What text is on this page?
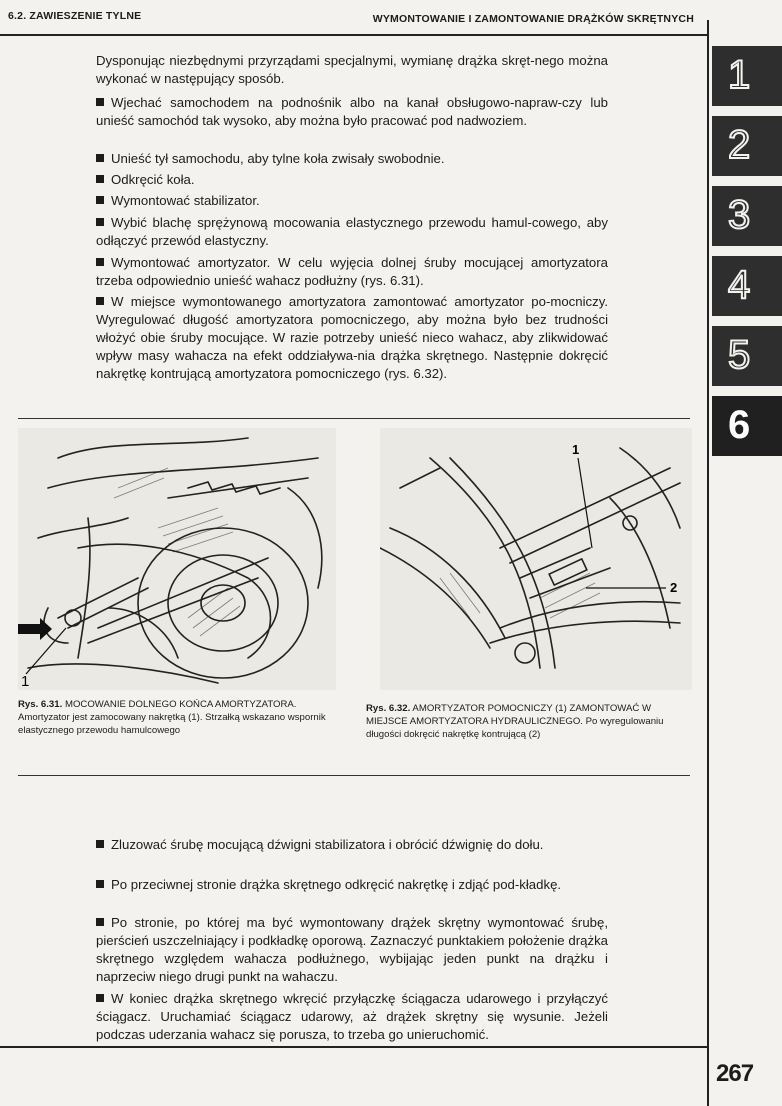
6.2. ZAWIESZENIE TYLNE	WYMONTOWANIE I ZAMONTOWANIE DRĄŻKÓW SKRĘTNYCH

Dysponując niezbędnymi przyrządami specjalnymi, wymianę drążka skręt-nego można wykonać w następujący sposób.

Wjechać samochodem na podnośnik albo na kanał obsługowo-napraw-czy lub unieść samochód tak wysoko, aby można było pracować pod nadwoziem.

Unieść tył samochodu, aby tylne koła zwisały swobodnie.

Odkręcić koła.

Wymontować stabilizator.

Wybić blachę sprężynową mocowania elastycznego przewodu hamul-cowego, aby odłączyć przewód elastyczny.

Wymontować amortyzator. W celu wyjęcia dolnej śruby mocującej amortyzatora trzeba odpowiednio unieść wahacz podłużny (rys. 6.31).

W miejsce wymontowanego amortyzatora zamontować amortyzator po-mocniczy. Wyregulować długość amortyzatora pomocniczego, aby można było bez trudności włożyć obie śruby mocujące. W razie potrzeby unieść nieco wahacz, aby zlikwidować wpływ masy wahacza na efekt oddziaływa-nia drążka skrętnego. Następnie dokręcić nakrętkę kontrującą amortyzatora pomocniczego (rys. 6.32).

1
1
2

Rys. 6.31. MOCOWANIE DOLNEGO KOŃCA AMORTYZATORA. Amortyzator jest zamocowany nakrętką (1). Strzałką wskazano wspornik elastycznego przewodu hamulcowego

Rys. 6.32. AMORTYZATOR POMOCNICZY (1) ZAMONTOWAĆ W MIEJSCE AMORTYZATORA HYDRAULICZNEGO. Po wyregulowaniu długości dokręcić nakrętkę kontrującą (2)

Zluzować śrubę mocującą dźwigni stabilizatora i obrócić dźwignię do dołu.

Po przeciwnej stronie drążka skrętnego odkręcić nakrętkę i zdjąć pod-kładkę.

Po stronie, po której ma być wymontowany drążek skrętny wymontować śrubę, pierścień uszczelniający i podkładkę oporową. Zaznaczyć punktakiem położenie drążka skrętnego względem wahacza podłużnego, wybijając jeden punkt na drążku i naprzeciw niego drugi punkt na wahaczu.

W koniec drążka skrętnego wkręcić przyłączkę ściągacza udarowego i przyłączyć ściągacz. Uruchamiać ściągacz udarowy, aż drążek skrętny się wysunie. Jeżeli podczas uderzania wahacz się porusza, to trzeba go unieruchomić.

1
2
3
4
5
6
267
